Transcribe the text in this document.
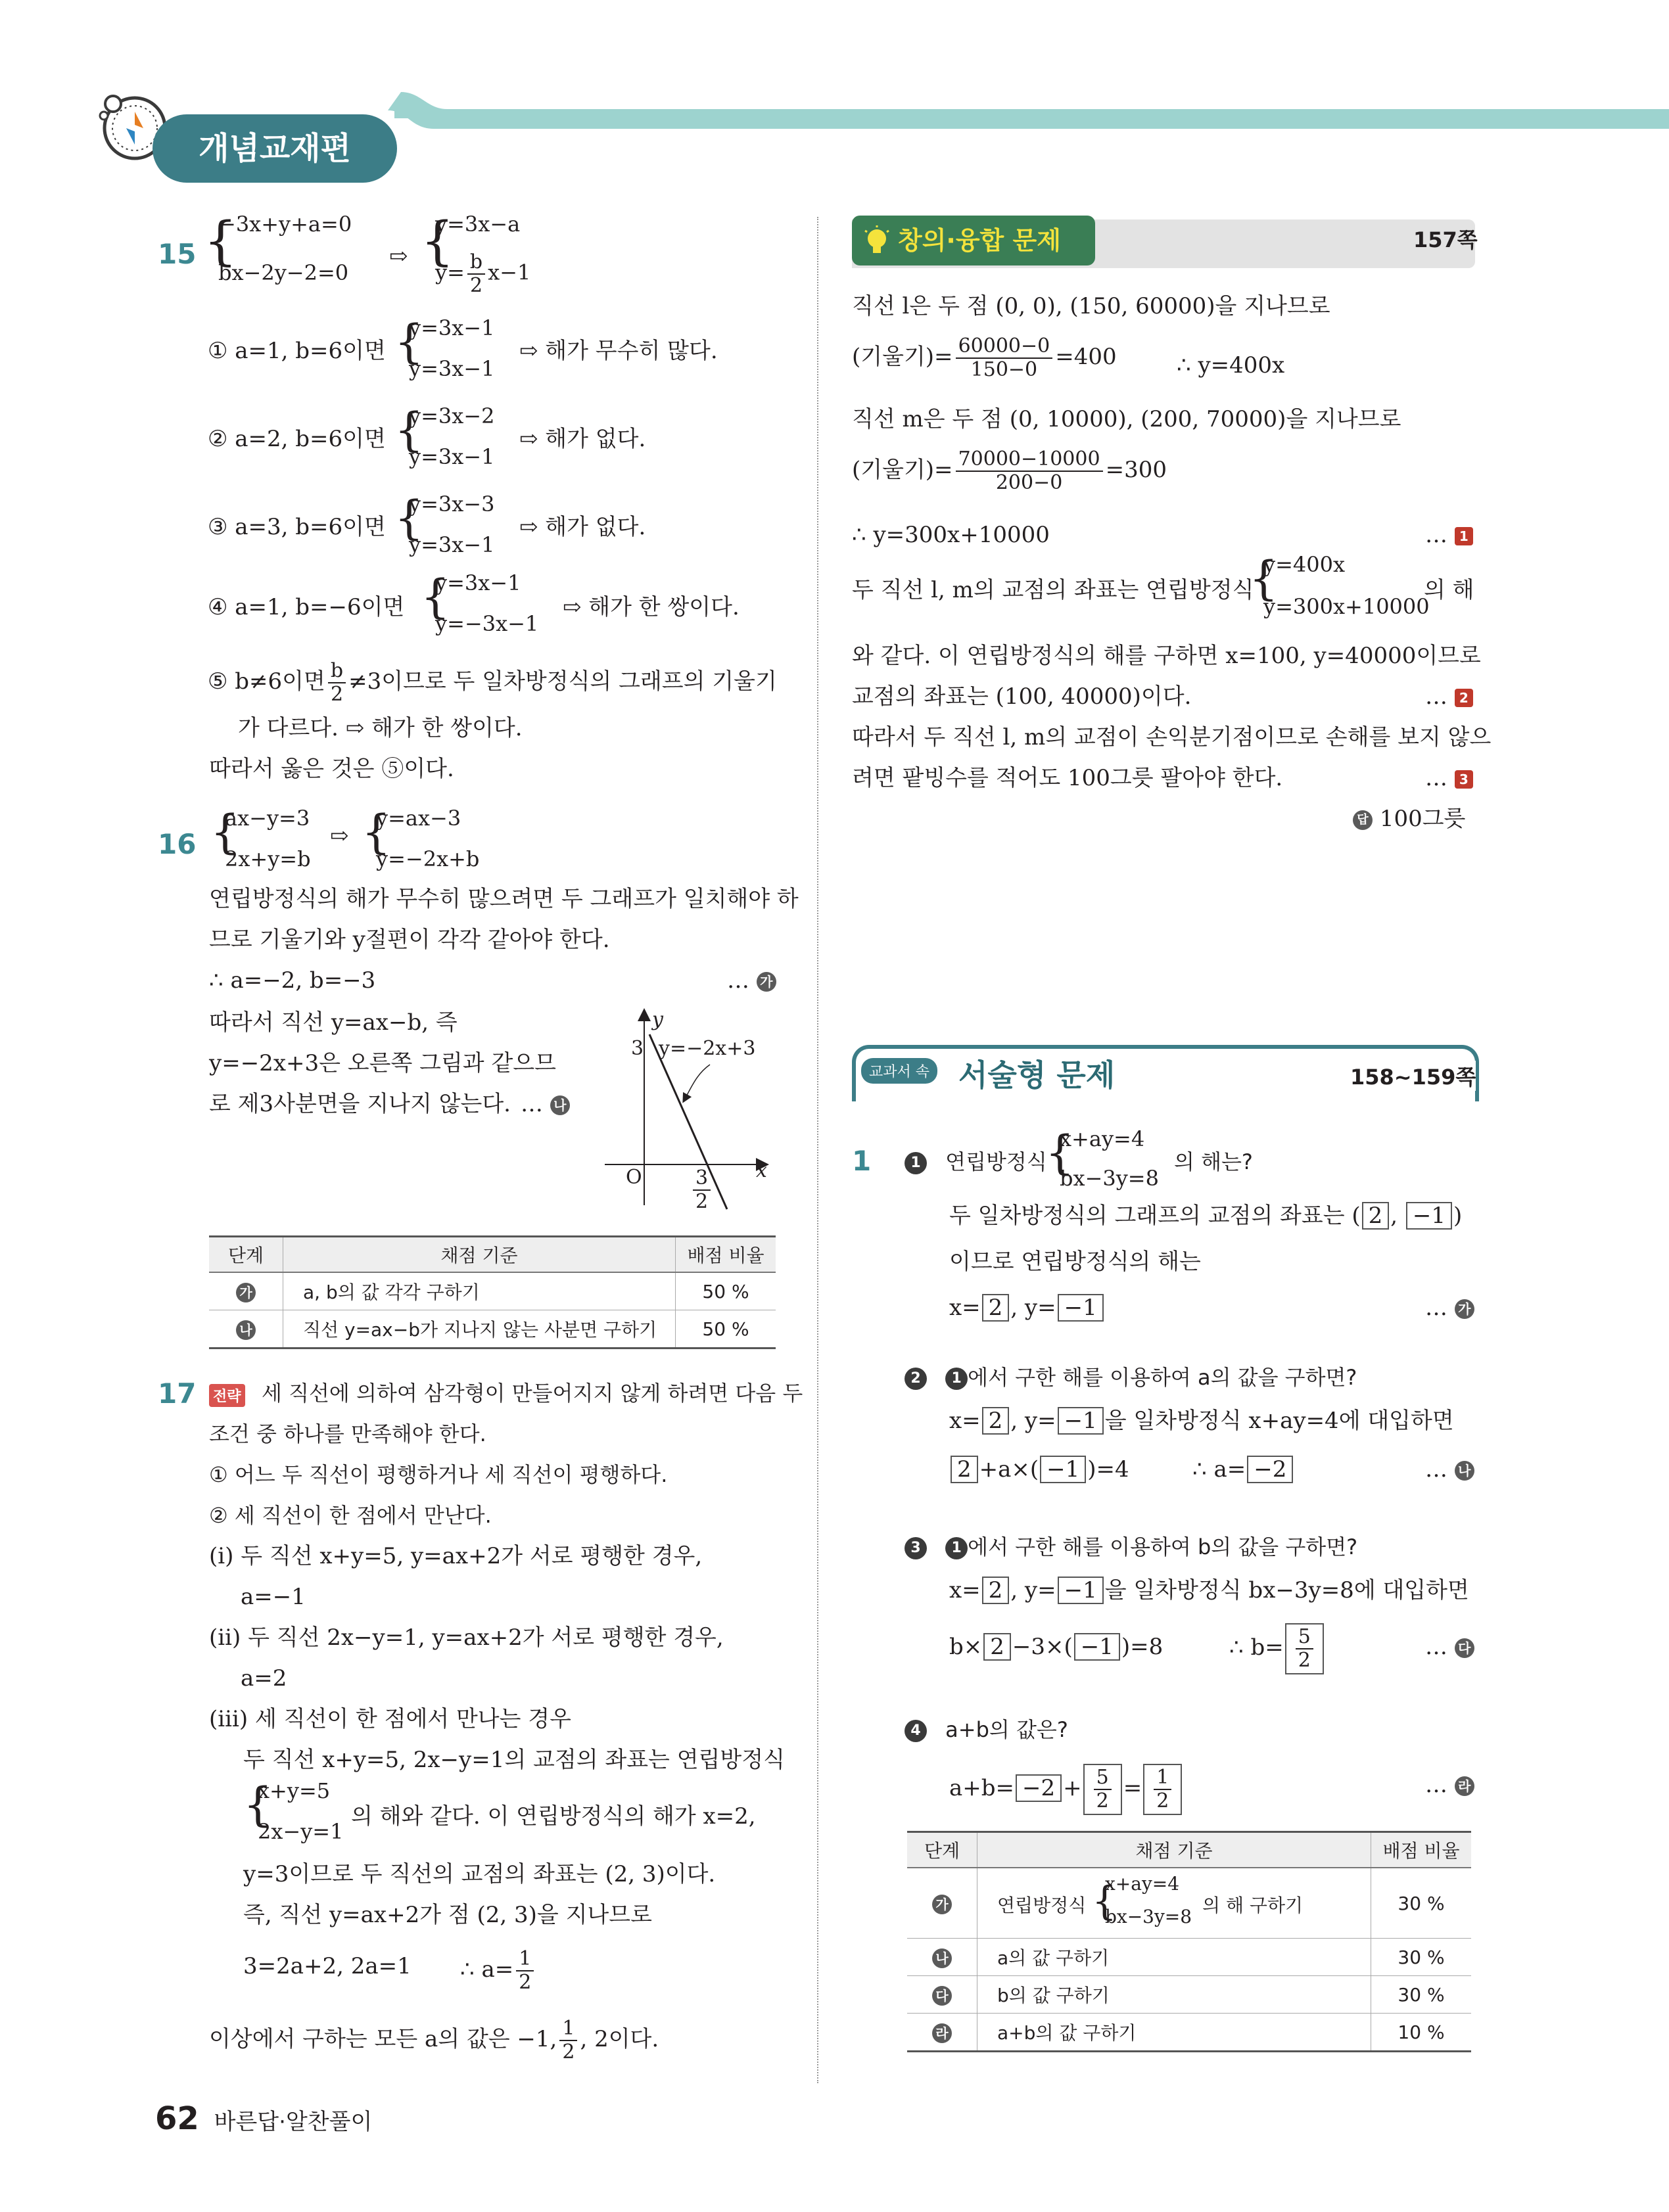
개념교재편
15 {
−3x+y+a=0
bx−2y−2=0
⇨ {
y=3x−a
$y= \frac{b}{2} x-1$
① a=1, b=6이면 {
y=3x−1
y=3x−1
⇨ 해가 무수히 많다.
② a=2, b=6이면 {
y=3x−2
y=3x−1
⇨ 해가 없다.
③ a=3, b=6이면 {
y=3x−3
y=3x−1
⇨ 해가 없다.
④ a=1, b=−6이면 {
y=3x−1
y=−3x−1
⇨ 해가 한 쌍이다.
⑤ b≠6이면 $\frac{b}{2} \ne 3$이므로 두 일차방정식의 그래프의 기울기
가 다르다. ⇨ 해가 한 쌍이다.
따라서 옳은 것은 ⑤이다.
16 {
ax−y=3
2x+y=b
⇨ {
y=ax−3
y=−2x+b
연립방정식의 해가 무수히 많으려면 두 그래프가 일치해야 하
므로 기울기와 y절편이 각각 같아야 한다.
∴ a=−2, b=−3	… 가
따라서 직선 y=ax−b, 즉
y=−2x+3은 오른쪽 그림과 같으므
로 제3사분면을 지나지 않는다. … 나
y
x
O
3 y=−2x+3
$\frac{3}{2}$
단계	채점 기준	배점 비율
가	a, b의 값 각각 구하기	50 %
나	직선 y=ax−b가 지나지 않는 사분면 구하기	50 %
17 전략 세 직선에 의하여 삼각형이 만들어지지 않게 하려면 다음 두
조건 중 하나를 만족해야 한다.
① 어느 두 직선이 평행하거나 세 직선이 평행하다.
② 세 직선이 한 점에서 만난다.
(ⅰ) 두 직선 x+y=5, y=ax+2가 서로 평행한 경우,
a=−1
(ⅱ) 두 직선 2x−y=1, y=ax+2가 서로 평행한 경우,
a=2
(ⅲ) 세 직선이 한 점에서 만나는 경우
두 직선 x+y=5, 2x−y=1의 교점의 좌표는 연립방정식
{
x+y=5
2x−y=1
의 해와 같다. 이 연립방정식의 해가 x=2,
y=3이므로 두 직선의 교점의 좌표는 (2, 3)이다.
즉, 직선 y=ax+2가 점 (2, 3)을 지나므로
3=2a+2, 2a=1 ∴ $a= \frac{1}{2}$
이상에서 구하는 모든 a의 값은 −1, $\frac{1}{2}$ , 2이다.
창의·융합 문제	157쪽
직선 l은 두 점 (0, 0), (150, 60000)을 지나므로
(기울기)= $\frac{60000-0}{150-0} =400$	∴ y=400x
직선 m은 두 점 (0, 10000), (200, 70000)을 지나므로
(기울기)= $\frac{70000-10000}{200-0} =300$
∴ y=300x+10000	… 1
두 직선 l, m의 교점의 좌표는 연립방정식
{
y=400x
y=300x+10000
의 해
와 같다. 이 연립방정식의 해를 구하면 x=100, y=40000이므로
교점의 좌표는 (100, 40000)이다.	… 2
따라서 두 직선 l, m의 교점이 손익분기점이므로 손해를 보지 않으
려면 팥빙수를 적어도 100그릇 팔아야 한다.	… 3
답 100그릇
교과서 속 서술형 문제	158~159쪽
1	1 연립방정식
{
x+ay=4
bx−3y=8
의 해는?
두 일차방정식의 그래프의 교점의 좌표는 ( 2 , −1 )
이므로 연립방정식의 해는
x= 2 , y= −1	… 가
2 1 에서 구한 해를 이용하여 a의 값을 구하면?
x= 2 , y= −1 을 일차방정식 x+ay=4에 대입하면
2 +a×( −1 )=4	∴ a= −2	… 나
3 1 에서 구한 해를 이용하여 b의 값을 구하면?
x= 2 , y= −1 을 일차방정식 bx−3y=8에 대입하면
b× 2 −3×( −1 )=8	∴ $b= \frac{5}{2}$	… 다
4 a+b의 값은?
$a+b= -2 + \frac{5}{2} = \frac{1}{2}$	… 라
단계	채점 기준	배점 비율
가	연립방정식 {
x+ay=4
bx−3y=8
의 해 구하기	30 %
나	a의 값 구하기	30 %
다	b의 값 구하기	30 %
라	a+b의 값 구하기	10 %
62 바른답·알찬풀이
